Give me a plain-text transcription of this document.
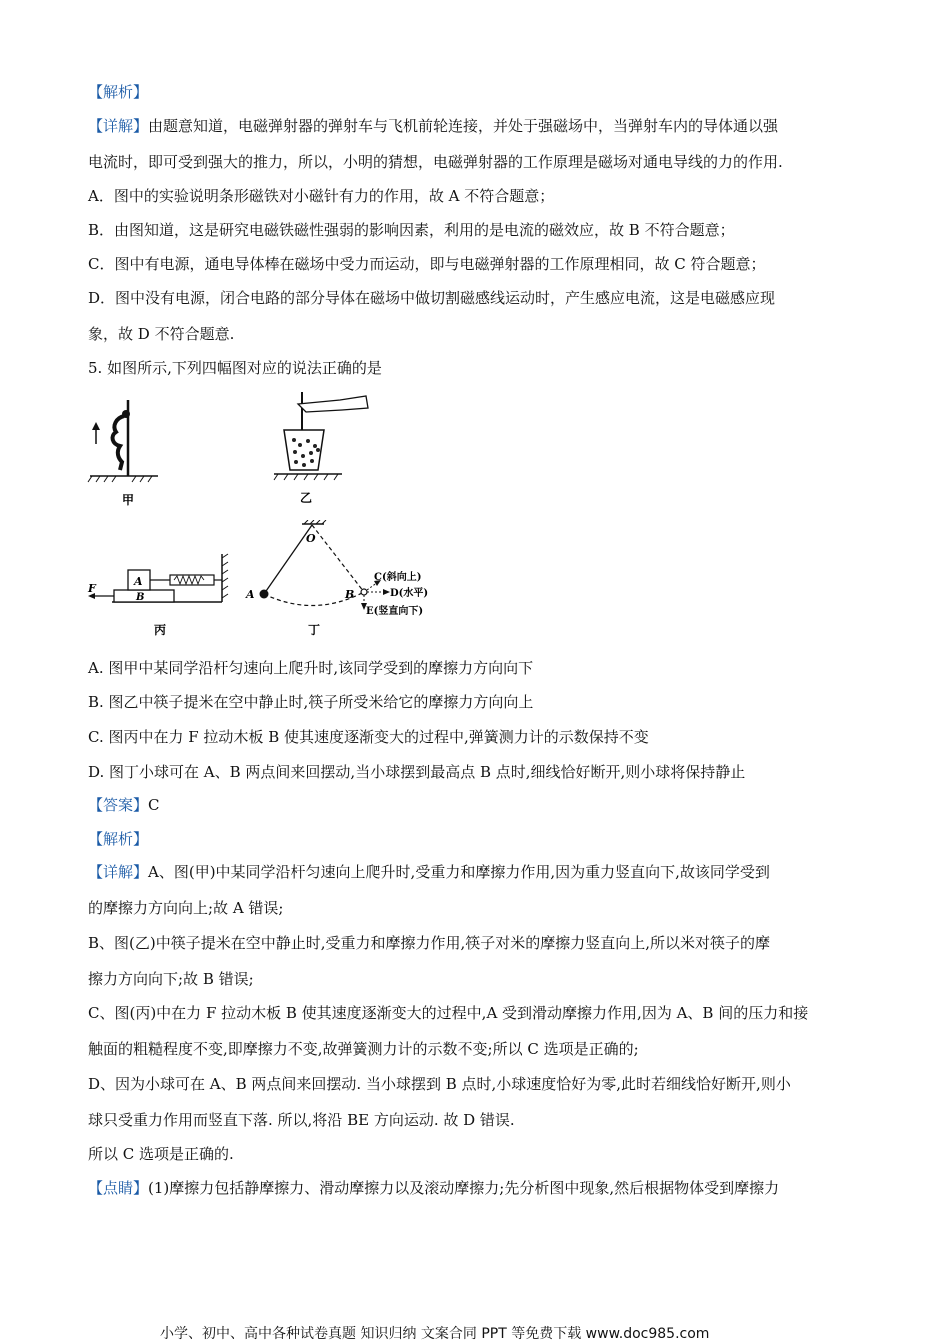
【解析】
【详解】由题意知道，电磁弹射器的弹射车与飞机前轮连接，并处于强磁场中，当弹射车内的导体通以强
电流时，即可受到强大的推力，所以，小明的猜想，电磁弹射器的工作原理是磁场对通电导线的力的作用.
A．图中的实验说明条形磁铁对小磁针有力的作用，故 A 不符合题意；
B．由图知道，这是研究电磁铁磁性强弱的影响因素，利用的是电流的磁效应，故 B 不符合题意；
C．图中有电源，通电导体棒在磁场中受力而运动，即与电磁弹射器的工作原理相同，故 C 符合题意；
D．图中没有电源，闭合电路的部分导体在磁场中做切割磁感线运动时，产生感应电流，这是电磁感应现
象，故 D 不符合题意.
5. 如图所示,下列四幅图对应的说法正确的是
甲	乙
F
A
B
丙
O
A	B
C(斜向上)
D(水平)
E(竖直向下)
丁
A. 图甲中某同学沿杆匀速向上爬升时,该同学受到的摩擦力方向向下
B. 图乙中筷子提米在空中静止时,筷子所受米给它的摩擦力方向向上
C. 图丙中在力 F 拉动木板 B 使其速度逐渐变大的过程中,弹簧测力计的示数保持不变
D. 图丁小球可在 A、B 两点间来回摆动,当小球摆到最高点 B 点时,细线恰好断开,则小球将保持静止
【答案】C
【解析】
【详解】A、图(甲)中某同学沿杆匀速向上爬升时,受重力和摩擦力作用,因为重力竖直向下,故该同学受到
的摩擦力方向向上;故 A 错误;
B、图(乙)中筷子提米在空中静止时,受重力和摩擦力作用,筷子对米的摩擦力竖直向上,所以米对筷子的摩
擦力方向向下;故 B 错误;
C、图(丙)中在力 F 拉动木板 B 使其速度逐渐变大的过程中,A 受到滑动摩擦力作用,因为 A、B 间的压力和接
触面的粗糙程度不变,即摩擦力不变,故弹簧测力计的示数不变;所以 C 选项是正确的;
D、因为小球可在 A、B 两点间来回摆动. 当小球摆到 B 点时,小球速度恰好为零,此时若细线恰好断开,则小
球只受重力作用而竖直下落. 所以,将沿 BE 方向运动. 故 D 错误.
所以 C 选项是正确的.
【点睛】(1)摩擦力包括静摩擦力、滑动摩擦力以及滚动摩擦力;先分析图中现象,然后根据物体受到摩擦力
小学、初中、高中各种试卷真题 知识归纳 文案合同 PPT 等免费下载 www.doc985.com
